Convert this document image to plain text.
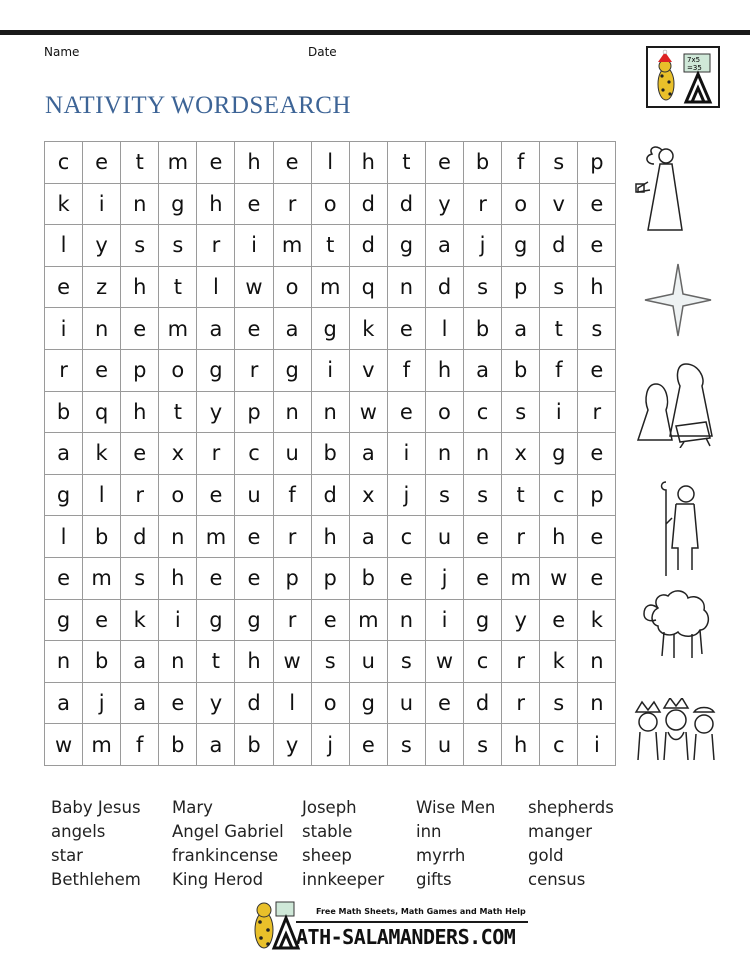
Name	Date
NATIVITY WORDSEARCH
7x5
=35
c	e	t	m	e	h	e	l	h	t	e	b	f	s	p
k	i	n	g	h	e	r	o	d	d	y	r	o	v	e
l	y	s	s	r	i	m	t	d	g	a	j	g	d	e
e	z	h	t	l	w	o	m	q	n	d	s	p	s	h
i	n	e	m	a	e	a	g	k	e	l	b	a	t	s
r	e	p	o	g	r	g	i	v	f	h	a	b	f	e
b	q	h	t	y	p	n	n	w	e	o	c	s	i	r
a	k	e	x	r	c	u	b	a	i	n	n	x	g	e
g	l	r	o	e	u	f	d	x	j	s	s	t	c	p
l	b	d	n	m	e	r	h	a	c	u	e	r	h	e
e	m	s	h	e	e	p	p	b	e	j	e	m	w	e
g	e	k	i	g	g	r	e	m	n	i	g	y	e	k
n	b	a	n	t	h	w	s	u	s	w	c	r	k	n
a	j	a	e	y	d	l	o	g	u	e	d	r	s	n
w	m	f	b	a	b	y	j	e	s	u	s	h	c	i
Baby Jesus
angels
star
Bethlehem
Mary
Angel Gabriel
frankincense
King Herod
Joseph
stable
sheep
innkeeper
Wise Men
inn
myrrh
gifts
shepherds
manger
gold
census
Free Math Sheets, Math Games and Math Help
ATH-SALAMANDERS.COM
